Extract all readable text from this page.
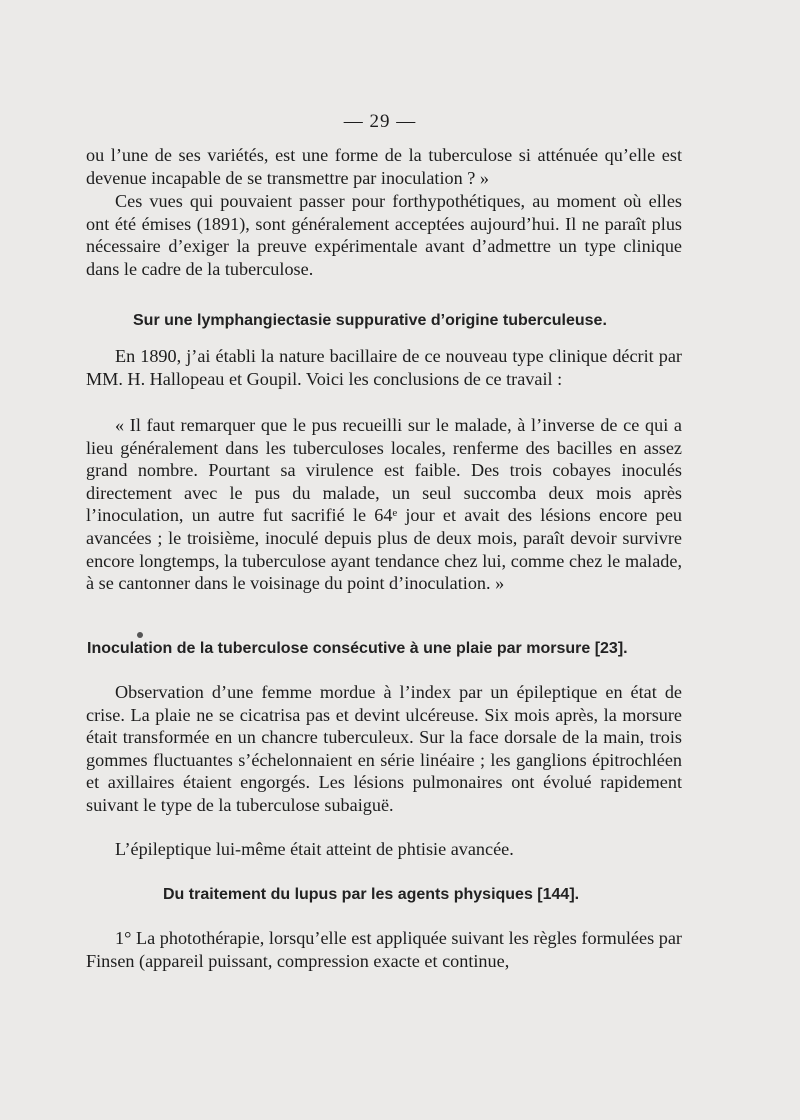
— 29 —
ou l’une de ses variétés, est une forme de la tuberculose si atténuée qu’elle est devenue incapable de se transmettre par inoculation ? »
Ces vues qui pouvaient passer pour forthypothétiques, au moment où elles ont été émises (1891), sont généralement acceptées aujourd’hui. Il ne paraît plus nécessaire d’exiger la preuve expérimentale avant d’admettre un type clinique dans le cadre de la tuberculose.
Sur une lymphangiectasie suppurative d’origine tuberculeuse.
En 1890, j’ai établi la nature bacillaire de ce nouveau type clinique décrit par MM. H. Hallopeau et Goupil. Voici les conclusions de ce travail :
« Il faut remarquer que le pus recueilli sur le malade, à l’inverse de ce qui a lieu généralement dans les tuberculoses locales, renferme des bacilles en assez grand nombre. Pourtant sa virulence est faible. Des trois cobayes inoculés directement avec le pus du malade, un seul succomba deux mois après l’inoculation, un autre fut sacrifié le 64ᵉ jour et avait des lésions encore peu avancées ; le troisième, inoculé depuis plus de deux mois, paraît devoir survivre encore longtemps, la tuberculose ayant tendance chez lui, comme chez le malade, à se cantonner dans le voisinage du point d’inoculation. »
Inoculation de la tuberculose consécutive à une plaie par morsure [23].
Observation d’une femme mordue à l’index par un épileptique en état de crise. La plaie ne se cicatrisa pas et devint ulcéreuse. Six mois après, la morsure était transformée en un chancre tuberculeux. Sur la face dorsale de la main, trois gommes fluctuantes s’échelonnaient en série linéaire ; les ganglions épitrochléen et axillaires étaient engorgés. Les lésions pulmonaires ont évolué rapidement suivant le type de la tuberculose subaiguë.
L’épileptique lui-même était atteint de phtisie avancée.
Du traitement du lupus par les agents physiques [144].
1° La photothérapie, lorsqu’elle est appliquée suivant les règles formulées par Finsen (appareil puissant, compression exacte et continue,
